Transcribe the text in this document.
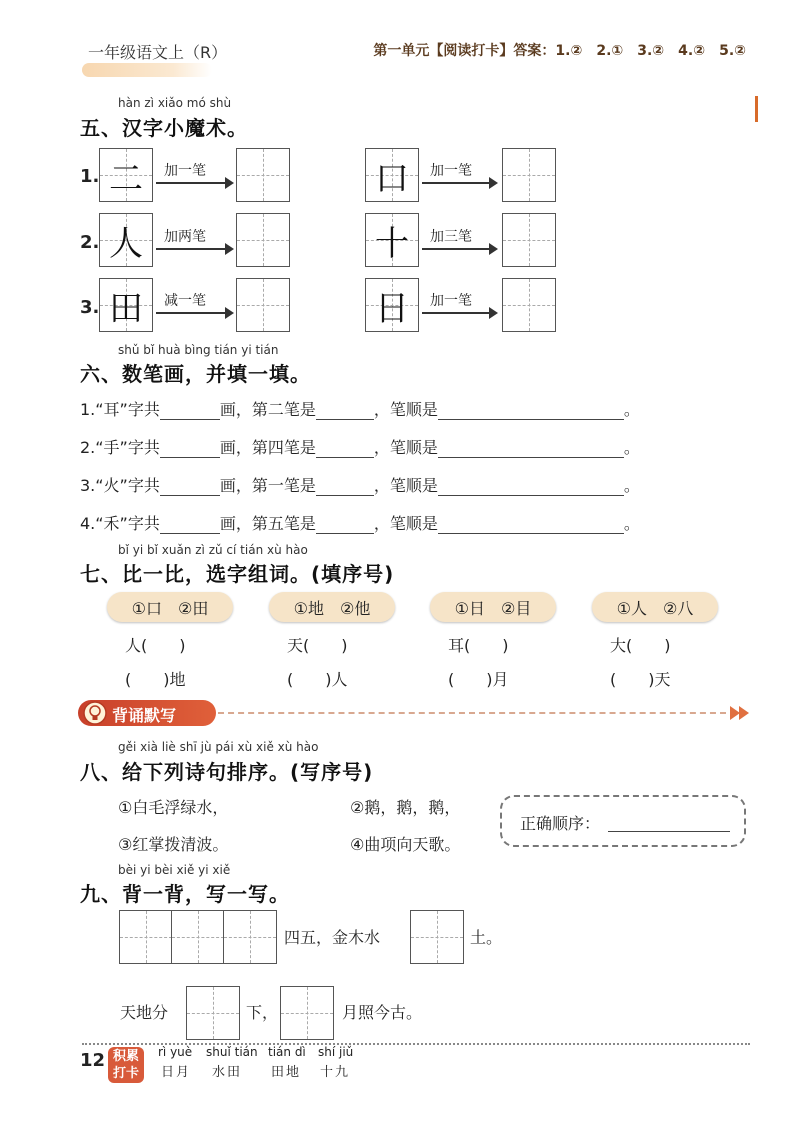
一年级语文上（R）	第一单元【阅读打卡】答案：1.②　2.①　3.②　4.②　5.②
hàn zì xiǎo mó shù
五、汉字小魔术。
1. 二	加一笔	口	加一笔
2. 人	加两笔	十	加三笔
3. 田	减一笔	日	加一笔
shǔ bǐ huà bìng tián yi tián
六、数笔画，并填一填。
1.“耳”字共	画，第二笔是	，笔顺是	。
2.“手”字共	画，第四笔是	，笔顺是	。
3.“火”字共	画，第一笔是	，笔顺是	。
4.“禾”字共	画，第五笔是	，笔顺是	。
bǐ yi bǐ xuǎn zì zǔ cí tián xù hào
七、比一比，选字组词。(填序号)
①口　②田	①地　②他	①日　②目	①人　②八
人(　　)	天(　　)	耳(　　)	大(　　)
(　　)地	(　　)人	(　　)月	(　　)天
背诵默写
gěi xià liè shī jù pái xù xiě xù hào
八、给下列诗句排序。(写序号)
①白毛浮绿水，	②鹅，鹅，鹅，
③红掌拨清波。	④曲项向天歌。
正确顺序：
bèi yi bèi xiě yi xiě
九、背一背，写一写。
四五，金木水	土。
天地分	下，	月照今古。
12 积累
打卡
rì yuè shuǐ tián tián dì shí jiǔ
日月 水田 田地 十九
